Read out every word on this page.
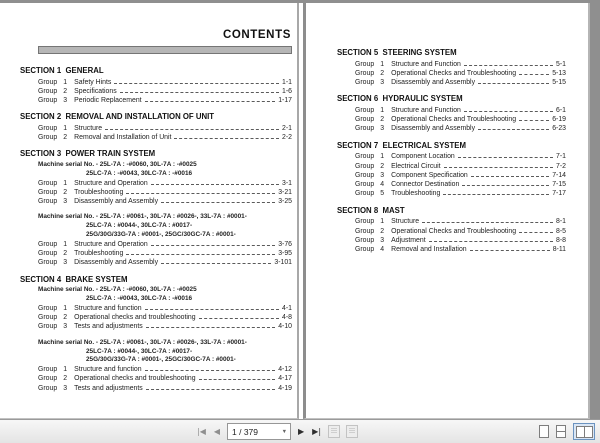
CONTENTS
SECTION 1  GENERAL
Group 1	Safety Hints	1-1
Group 2	Specifications	1-6
Group 3	Periodic Replacement	1-17
SECTION 2  REMOVAL AND INSTALLATION OF UNIT
Group 1	Structure	2-1
Group 2	Removal and Installation of Unit	2-2
SECTION 3  POWER TRAIN SYSTEM
Machine serial No. - 25L-7A : -#0060, 30L-7A : -#0025
25LC-7A : -#0043, 30LC-7A : -#0016
Group 1	Structure and Operation	3-1
Group 2	Troubleshooting	3-21
Group 3	Disassembly and Assembly	3-25
Machine serial No. - 25L-7A : #0061-, 30L-7A : #0026-, 33L-7A : #0001-
25LC-7A : #0044-, 30LC-7A : #0017-
25G/30G/33G-7A : #0001-, 25GC/30GC-7A : #0001-
Group 1	Structure and Operation	3-76
Group 2	Troubleshooting	3-95
Group 3	Disassembly and Assembly	3-101
SECTION 4  BRAKE SYSTEM
Machine serial No. - 25L-7A : -#0060, 30L-7A : -#0025
25LC-7A : -#0043, 30LC-7A : -#0016
Group 1	Structure and function	4-1
Group 2	Operational checks and troubleshooting	4-8
Group 3	Tests and adjustments	4-10
Machine serial No. - 25L-7A : #0061-, 30L-7A : #0026-, 33L-7A : #0001-
25LC-7A : #0044-, 30LC-7A : #0017-
25G/30G/33G-7A : #0001-, 25GC/30GC-7A : #0001-
Group 1	Structure and function	4-12
Group 2	Operational checks and troubleshooting	4-17
Group 3	Tests and adjustments	4-19
SECTION 5  STEERING SYSTEM
Group 1	Structure and Function	5-1
Group 2	Operational Checks and Troubleshooting	5-13
Group 3	Disassembly and Assembly	5-15
SECTION 6  HYDRAULIC SYSTEM
Group 1	Structure and Function	6-1
Group 2	Operational Checks and Troubleshooting	6-19
Group 3	Disassembly and Assembly	6-23
SECTION 7  ELECTRICAL SYSTEM
Group 1	Component Location	7-1
Group 2	Electrical Circuit	7-2
Group 3	Component Specification	7-14
Group 4	Connector Destination	7-15
Group 5	Troubleshooting	7-17
SECTION 8  MAST
Group 1	Structure	8-1
Group 2	Operational Checks and Troubleshooting	8-5
Group 3	Adjustment	8-8
Group 4	Removal and Installation	8-11
|◀ ◀
1 / 379	▼	▶ ▶|
